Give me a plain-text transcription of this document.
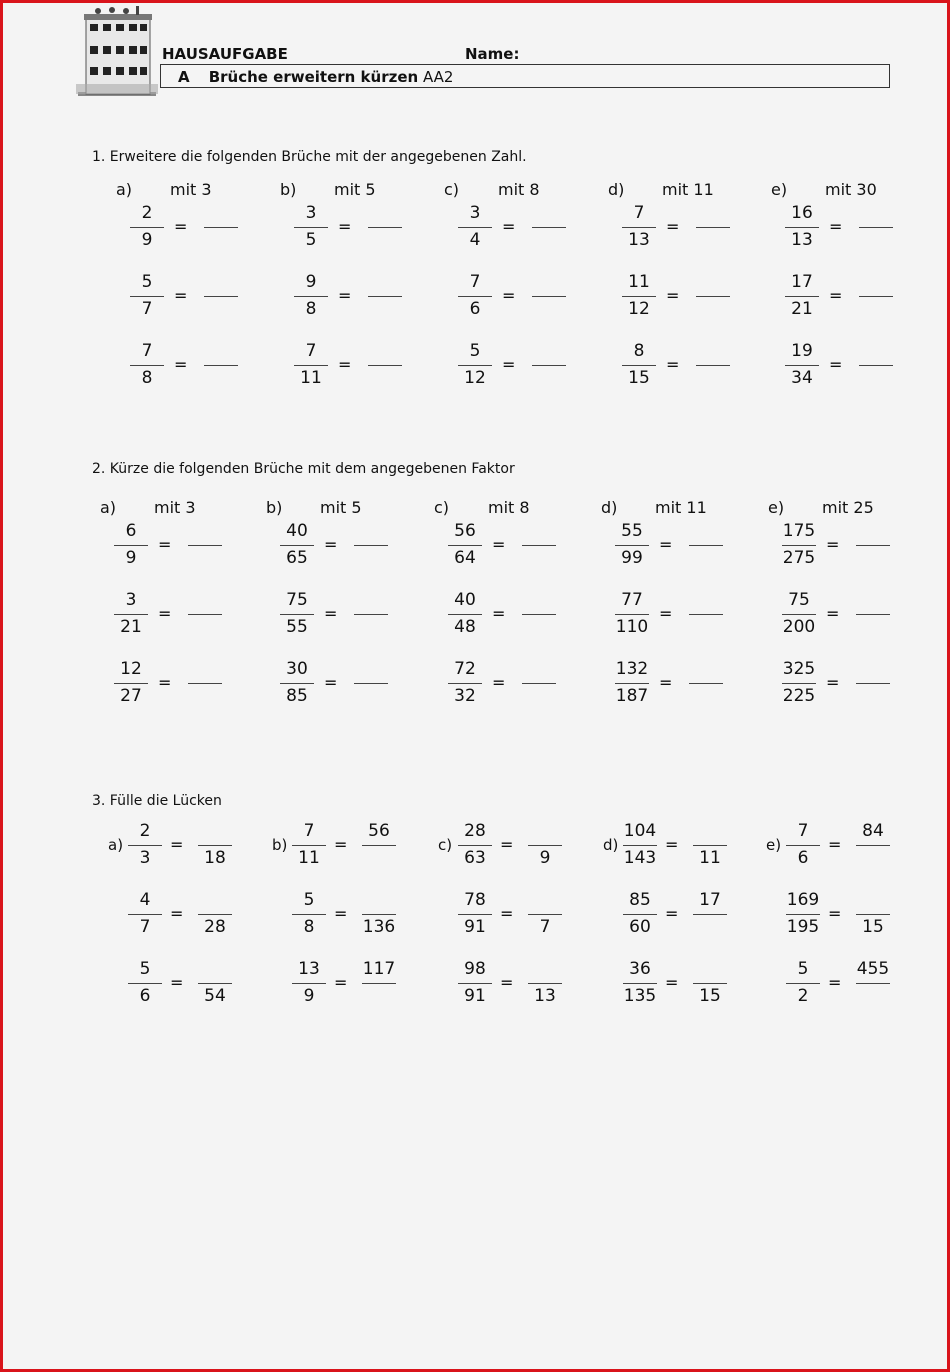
HAUSAUFGABE	Name:
A Brüche erweitern kürzen AA2
1. Erweitere die folgenden Brüche mit der angegebenen Zahl.
2. Kürze die folgenden Brüche mit dem angegebenen Faktor
3. Fülle die Lücken
a) mit 3
2
9
=
5
7
=
7
8
=
b) mit 5
3
5
=
9
8
=
7
11
=
c) mit 8
3
4
=
7
6
=
5
12
=
d) mit 11
7
13
=
11
12
=
8
15
=
e) mit 30
16
13
=
17
21
=
19
34
=
a) mit 3
6
9
=
3
21
=
12
27
=
b) mit 5
40
65
=
75
55
=
30
85
=
c) mit 8
56
64
=
40
48
=
72
32
=
d) mit 11
55
99
=
77
110
=
132
187
=
e) mit 25
175
275
=
75
200
=
325
225
=
a)
2
3
=
18
4
7
=
28
5
6
=
54
b)
7
11
=
56
5
8
=
136
13
9
=
117
c)
28
63
=
9
78
91
=
7
98
91
=
13
d)
104
143
=
11
85
60
=
17
36
135
=
15
e)
7
6
=
84
169
195
=
15
5
2
=
455
